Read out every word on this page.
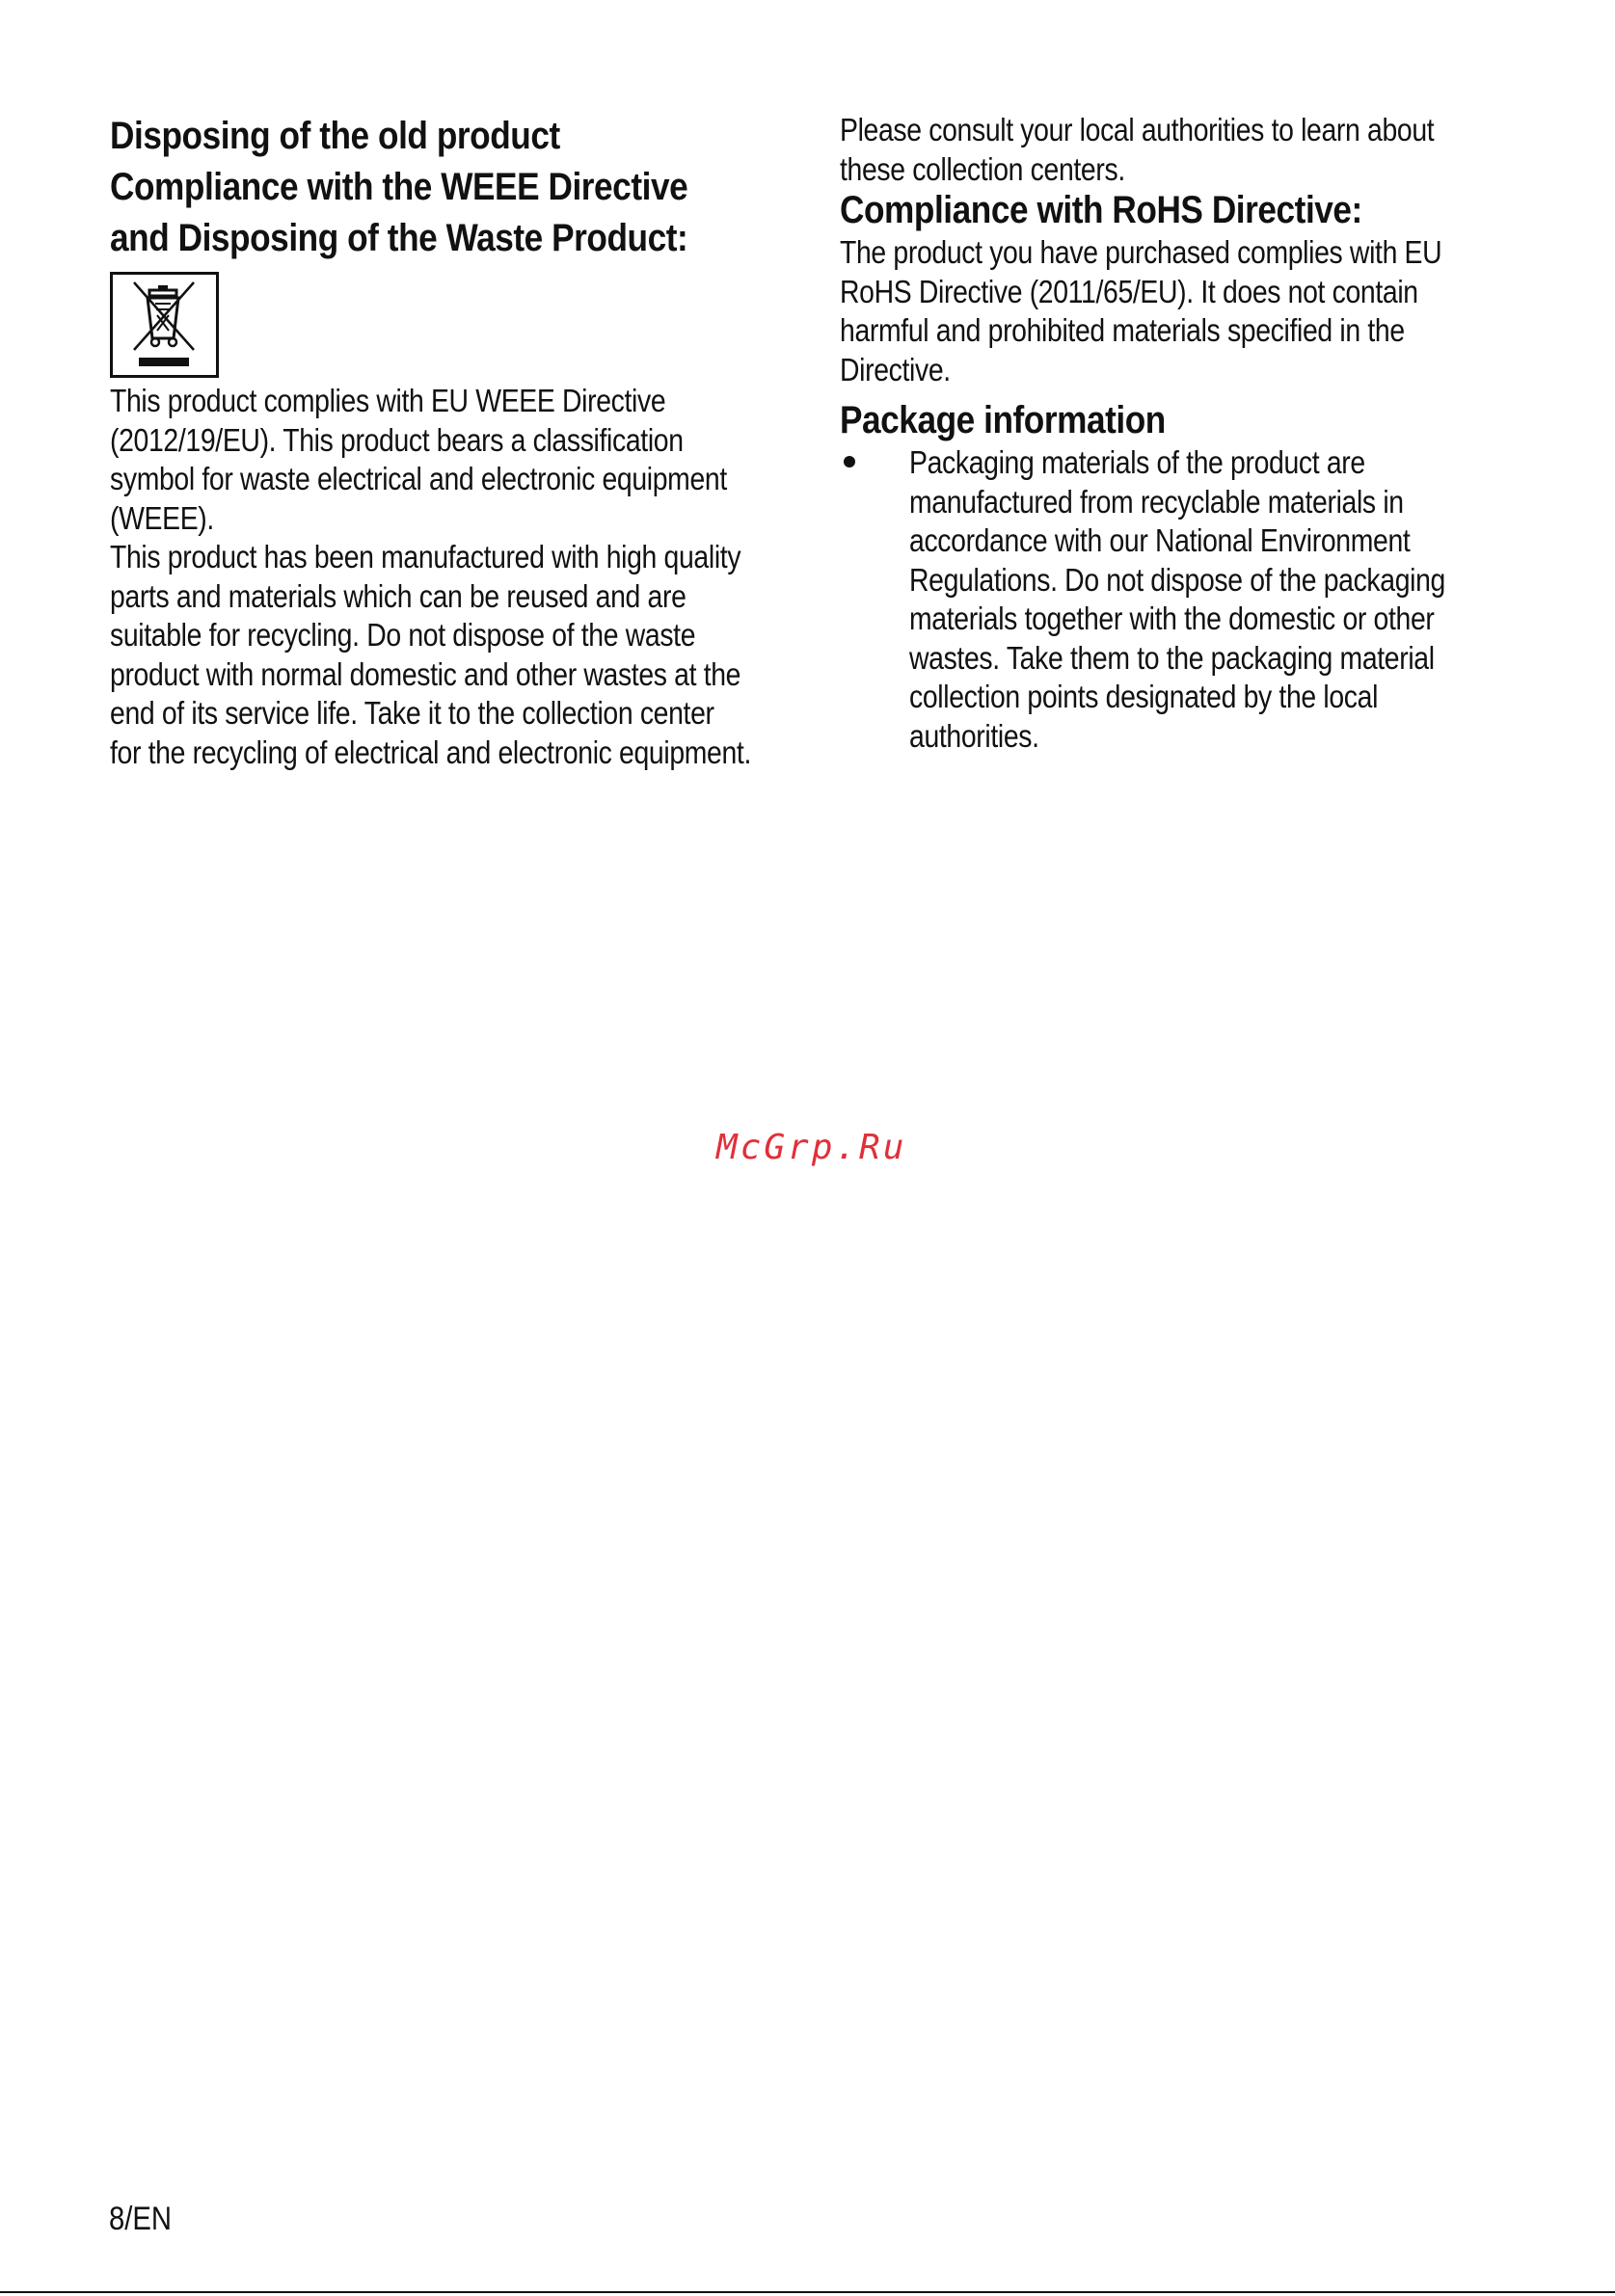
Disposing of the old product
Compliance with the WEEE Directive
and Disposing of the Waste Product:
This product complies with EU WEEE Directive
(2012/19/EU). This product bears a classification
symbol for waste electrical and electronic equipment
(WEEE).
This product has been manufactured with high quality
parts and materials which can be reused and are
suitable for recycling. Do not dispose of the waste
product with normal domestic and other wastes at the
end of its service life. Take it to the collection center
for the recycling of electrical and electronic equipment.
Please consult your local authorities to learn about
these collection centers.
Compliance with RoHS Directive:
The product you have purchased complies with EU
RoHS Directive (2011/65/EU). It does not contain
harmful and prohibited materials specified in the
Directive.
Package information
Packaging materials of the product are
manufactured from recyclable materials in
accordance with our National Environment
Regulations. Do not dispose of the packaging
materials together with the domestic or other
wastes. Take them to the packaging material
collection points designated by the local
authorities.
McGrp.Ru
8/EN
